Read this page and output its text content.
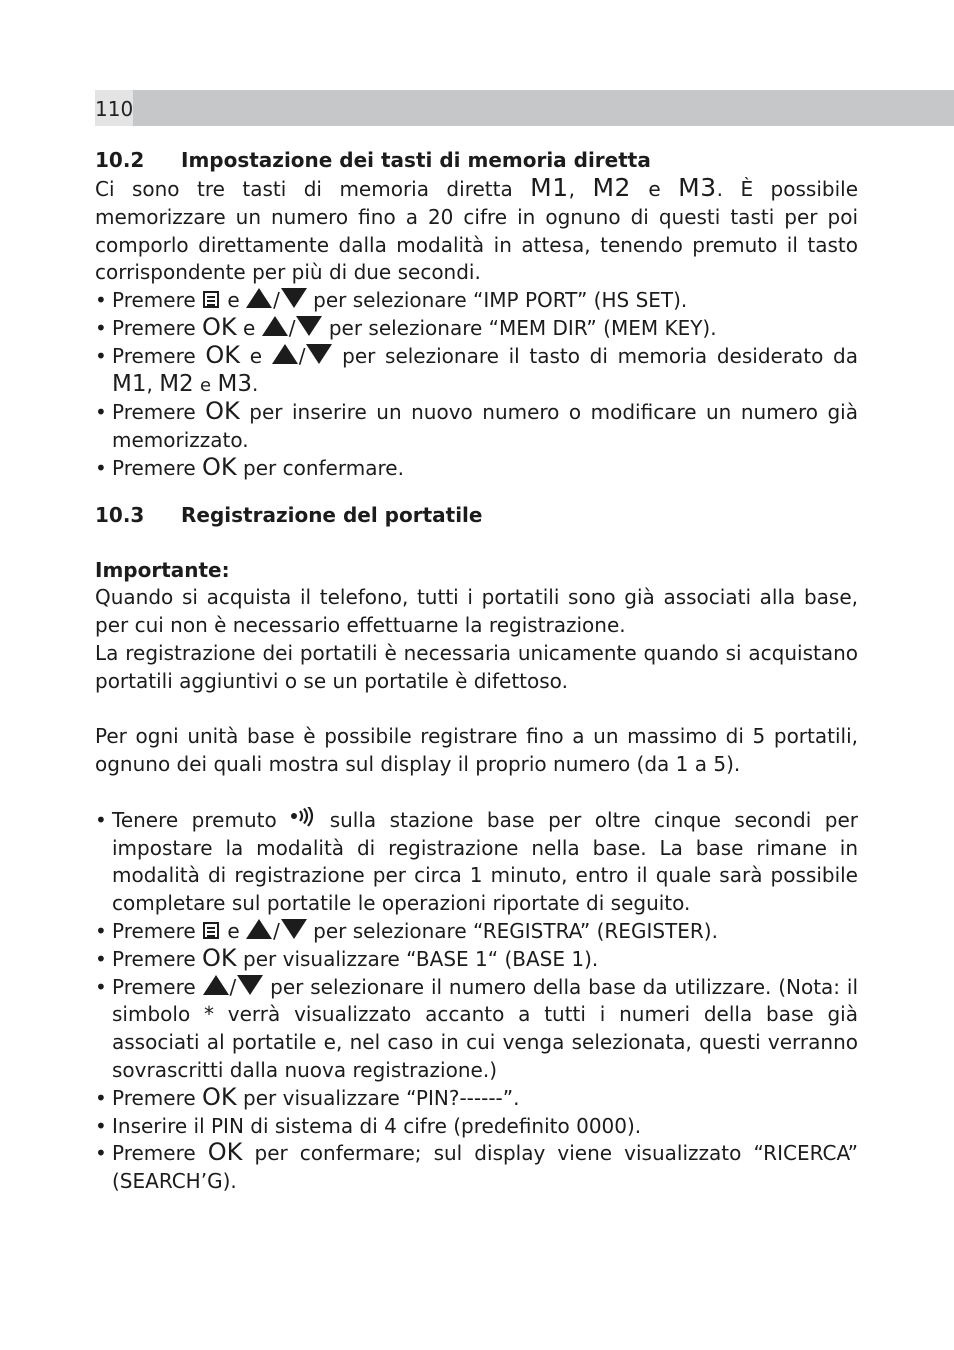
110
10.2	Impostazione dei tasti di memoria diretta

Ci sono tre tasti di memoria diretta M1, M2 e M3. È possibile memorizzare un numero fino a 20 cifre in ognuno di questi tasti per poi comporlo direttamente dalla modalità in attesa, tenendo premuto il tasto corrispondente per più di due secondi.

• Premere e / per selezionare “IMP PORT” (HS SET).
• Premere OK e / per selezionare “MEM DIR” (MEM KEY).
• Premere OK e / per selezionare il tasto di memoria desiderato da M1, M2 e M3.
• Premere OK per inserire un nuovo numero o modificare un numero già memorizzato.
• Premere OK per confermare.
10.3	Registrazione del portatile

Importante:

Quando si acquista il telefono, tutti i portatili sono già associati alla base, per cui non è necessario effettuarne la registrazione.

La registrazione dei portatili è necessaria unicamente quando si acquistano portatili aggiuntivi o se un portatile è difettoso.

Per ogni unità base è possibile registrare fino a un massimo di 5 portatili, ognuno dei quali mostra sul display il proprio numero (da 1 a 5).

• Tenere premuto	sulla stazione base per oltre cinque secondi per impostare la modalità di registrazione nella base. La base rimane in modalità di registrazione per circa 1 minuto, entro il quale sarà possibile completare sul portatile le operazioni riportate di seguito.
• Premere e / per selezionare “REGISTRA” (REGISTER).
• Premere OK per visualizzare “BASE 1“ (BASE 1).
• Premere / per selezionare il numero della base da utilizzare. (Nota: il simbolo * verrà visualizzato accanto a tutti i numeri della base già associati al portatile e, nel caso in cui venga selezionata, questi verranno sovrascritti dalla nuova registrazione.)
• Premere OK per visualizzare “PIN?------”.
• Inserire il PIN di sistema di 4 cifre (predefinito 0000).
• Premere OK per confermare; sul display viene visualizzato “RICERCA” (SEARCH’G).
